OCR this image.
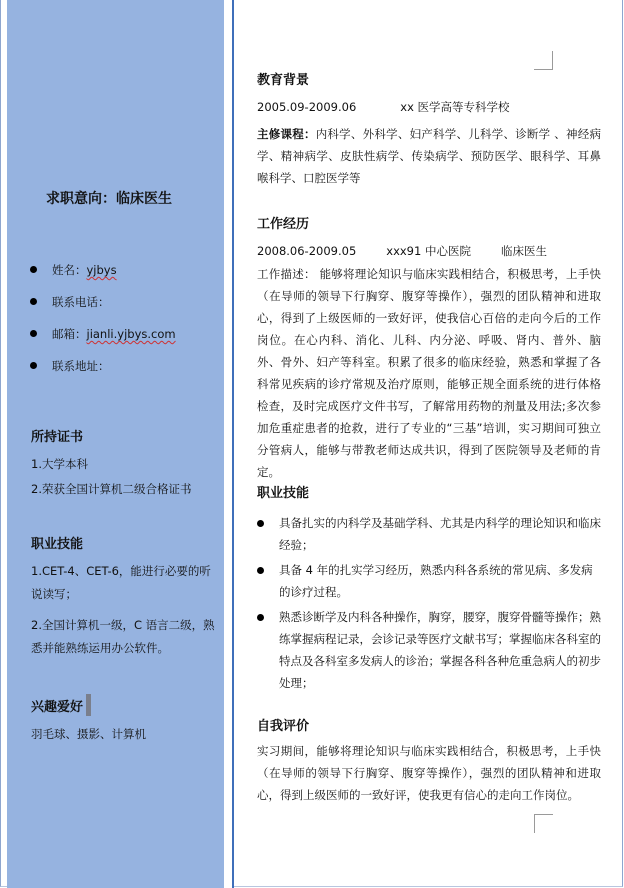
求职意向：临床医生
姓名：yjbys
联系电话：
邮箱：jianli.yjbys.com
联系地址：
所持证书
1.大学本科
2.荣获全国计算机二级合格证书
职业技能
1.CET-4、CET-6，能进行必要的听说读写；
2.全国计算机一级，C 语言二级，熟悉并能熟练运用办公软件。
兴趣爱好
羽毛球、摄影、计算机
教育背景
2005.09-2009.06	xx 医学高等专科学校
主修课程：内科学、外科学、妇产科学、儿科学、诊断学 、神经病学、精神病学、皮肤性病学、传染病学、预防医学、眼科学、耳鼻喉科学、口腔医学等
工作经历
2008.06-2009.05	xxx91 中心医院	临床医生
工作描述： 能够将理论知识与临床实践相结合，积极思考，上手快（在导师的领导下行胸穿、腹穿等操作），强烈的团队精神和进取心，得到了上级医师的一致好评，使我信心百倍的走向今后的工作岗位。在心内科、消化、儿科、内分泌、呼吸、肾内、普外、脑外、骨外、妇产等科室。积累了很多的临床经验，熟悉和掌握了各科常见疾病的诊疗常规及治疗原则，能够正规全面系统的进行体格检查，及时完成医疗文件书写，了解常用药物的剂量及用法;多次参加危重症患者的抢救，进行了专业的“三基”培训，实习期间可独立分管病人，能够与带教老师达成共识，得到了医院领导及老师的肯定。
职业技能
具备扎实的内科学及基础学科、尤其是内科学的理论知识和临床经验；
具备 4 年的扎实学习经历，熟悉内科各系统的常见病、多发病的诊疗过程。
熟悉诊断学及内科各种操作，胸穿，腰穿，腹穿骨髓等操作；熟练掌握病程记录，会诊记录等医疗文献书写；掌握临床各科室的特点及各科室多发病人的诊治；掌握各科各种危重急病人的初步处理；
自我评价
实习期间，能够将理论知识与临床实践相结合，积极思考，上手快（在导师的领导下行胸穿、腹穿等操作），强烈的团队精神和进取心，得到上级医师的一致好评，使我更有信心的走向工作岗位。
